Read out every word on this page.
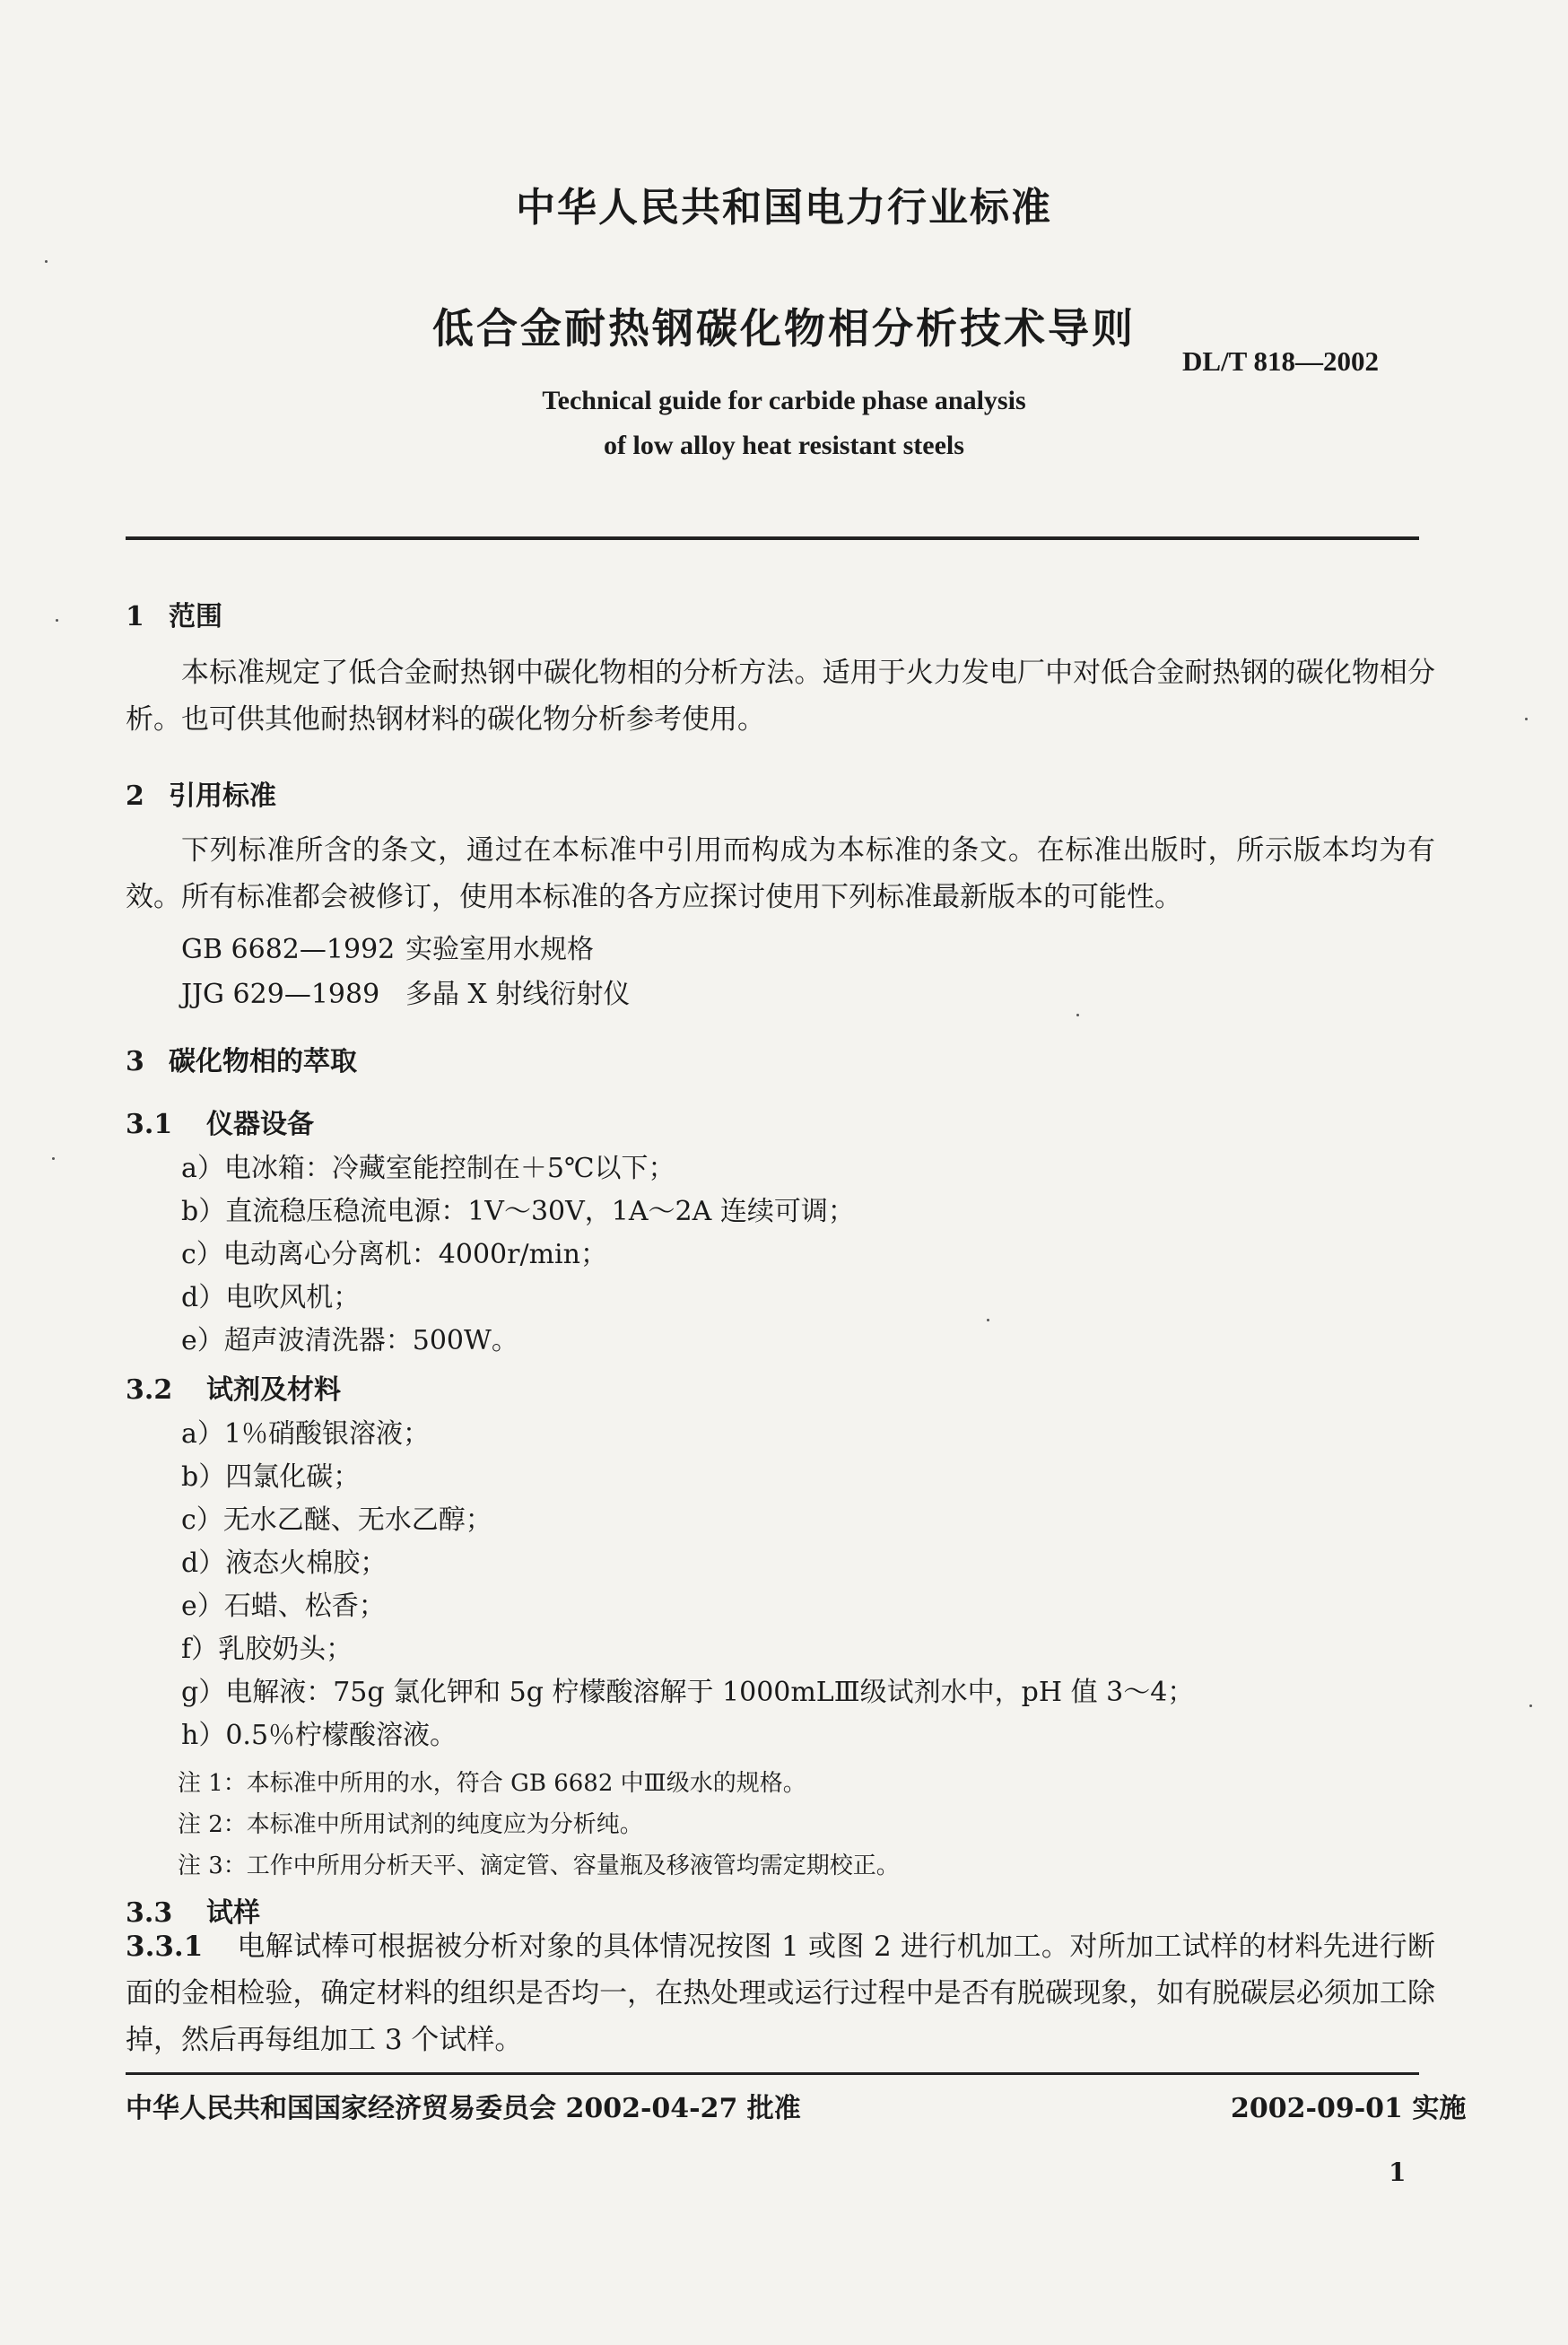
中华人民共和国电力行业标准
低合金耐热钢碳化物相分析技术导则
DL/T 818—2002
Technical guide for carbide phase analysis
of low alloy heat resistant steels
1 范围
本标准规定了低合金耐热钢中碳化物相的分析方法。适用于火力发电厂中对低合金耐热钢的碳化物相分析。也可供其他耐热钢材料的碳化物分析参考使用。
2 引用标准
下列标准所含的条文，通过在本标准中引用而构成为本标准的条文。在标准出版时，所示版本均为有效。所有标准都会被修订，使用本标准的各方应探讨使用下列标准最新版本的可能性。
GB 6682—1992 实验室用水规格
JJG 629—1989 多晶 X 射线衍射仪
3 碳化物相的萃取
3.1 仪器设备
a）电冰箱：冷藏室能控制在＋5℃以下；
b）直流稳压稳流电源：1V～30V，1A～2A 连续可调；
c）电动离心分离机：4000r/min；
d）电吹风机；
e）超声波清洗器：500W。
3.2 试剂及材料
a）1％硝酸银溶液；
b）四氯化碳；
c）无水乙醚、无水乙醇；
d）液态火棉胶；
e）石蜡、松香；
f）乳胶奶头；
g）电解液：75g 氯化钾和 5g 柠檬酸溶解于 1000mLⅢ级试剂水中，pH 值 3～4；
h）0.5％柠檬酸溶液。
注 1：本标准中所用的水，符合 GB 6682 中Ⅲ级水的规格。
注 2：本标准中所用试剂的纯度应为分析纯。
注 3：工作中所用分析天平、滴定管、容量瓶及移液管均需定期校正。
3.3 试样
3.3.1 电解试棒可根据被分析对象的具体情况按图 1 或图 2 进行机加工。对所加工试样的材料先进行断面的金相检验，确定材料的组织是否均一，在热处理或运行过程中是否有脱碳现象，如有脱碳层必须加工除掉，然后再每组加工 3 个试样。
中华人民共和国国家经济贸易委员会 2002-04-27 批准	2002-09-01 实施
1
